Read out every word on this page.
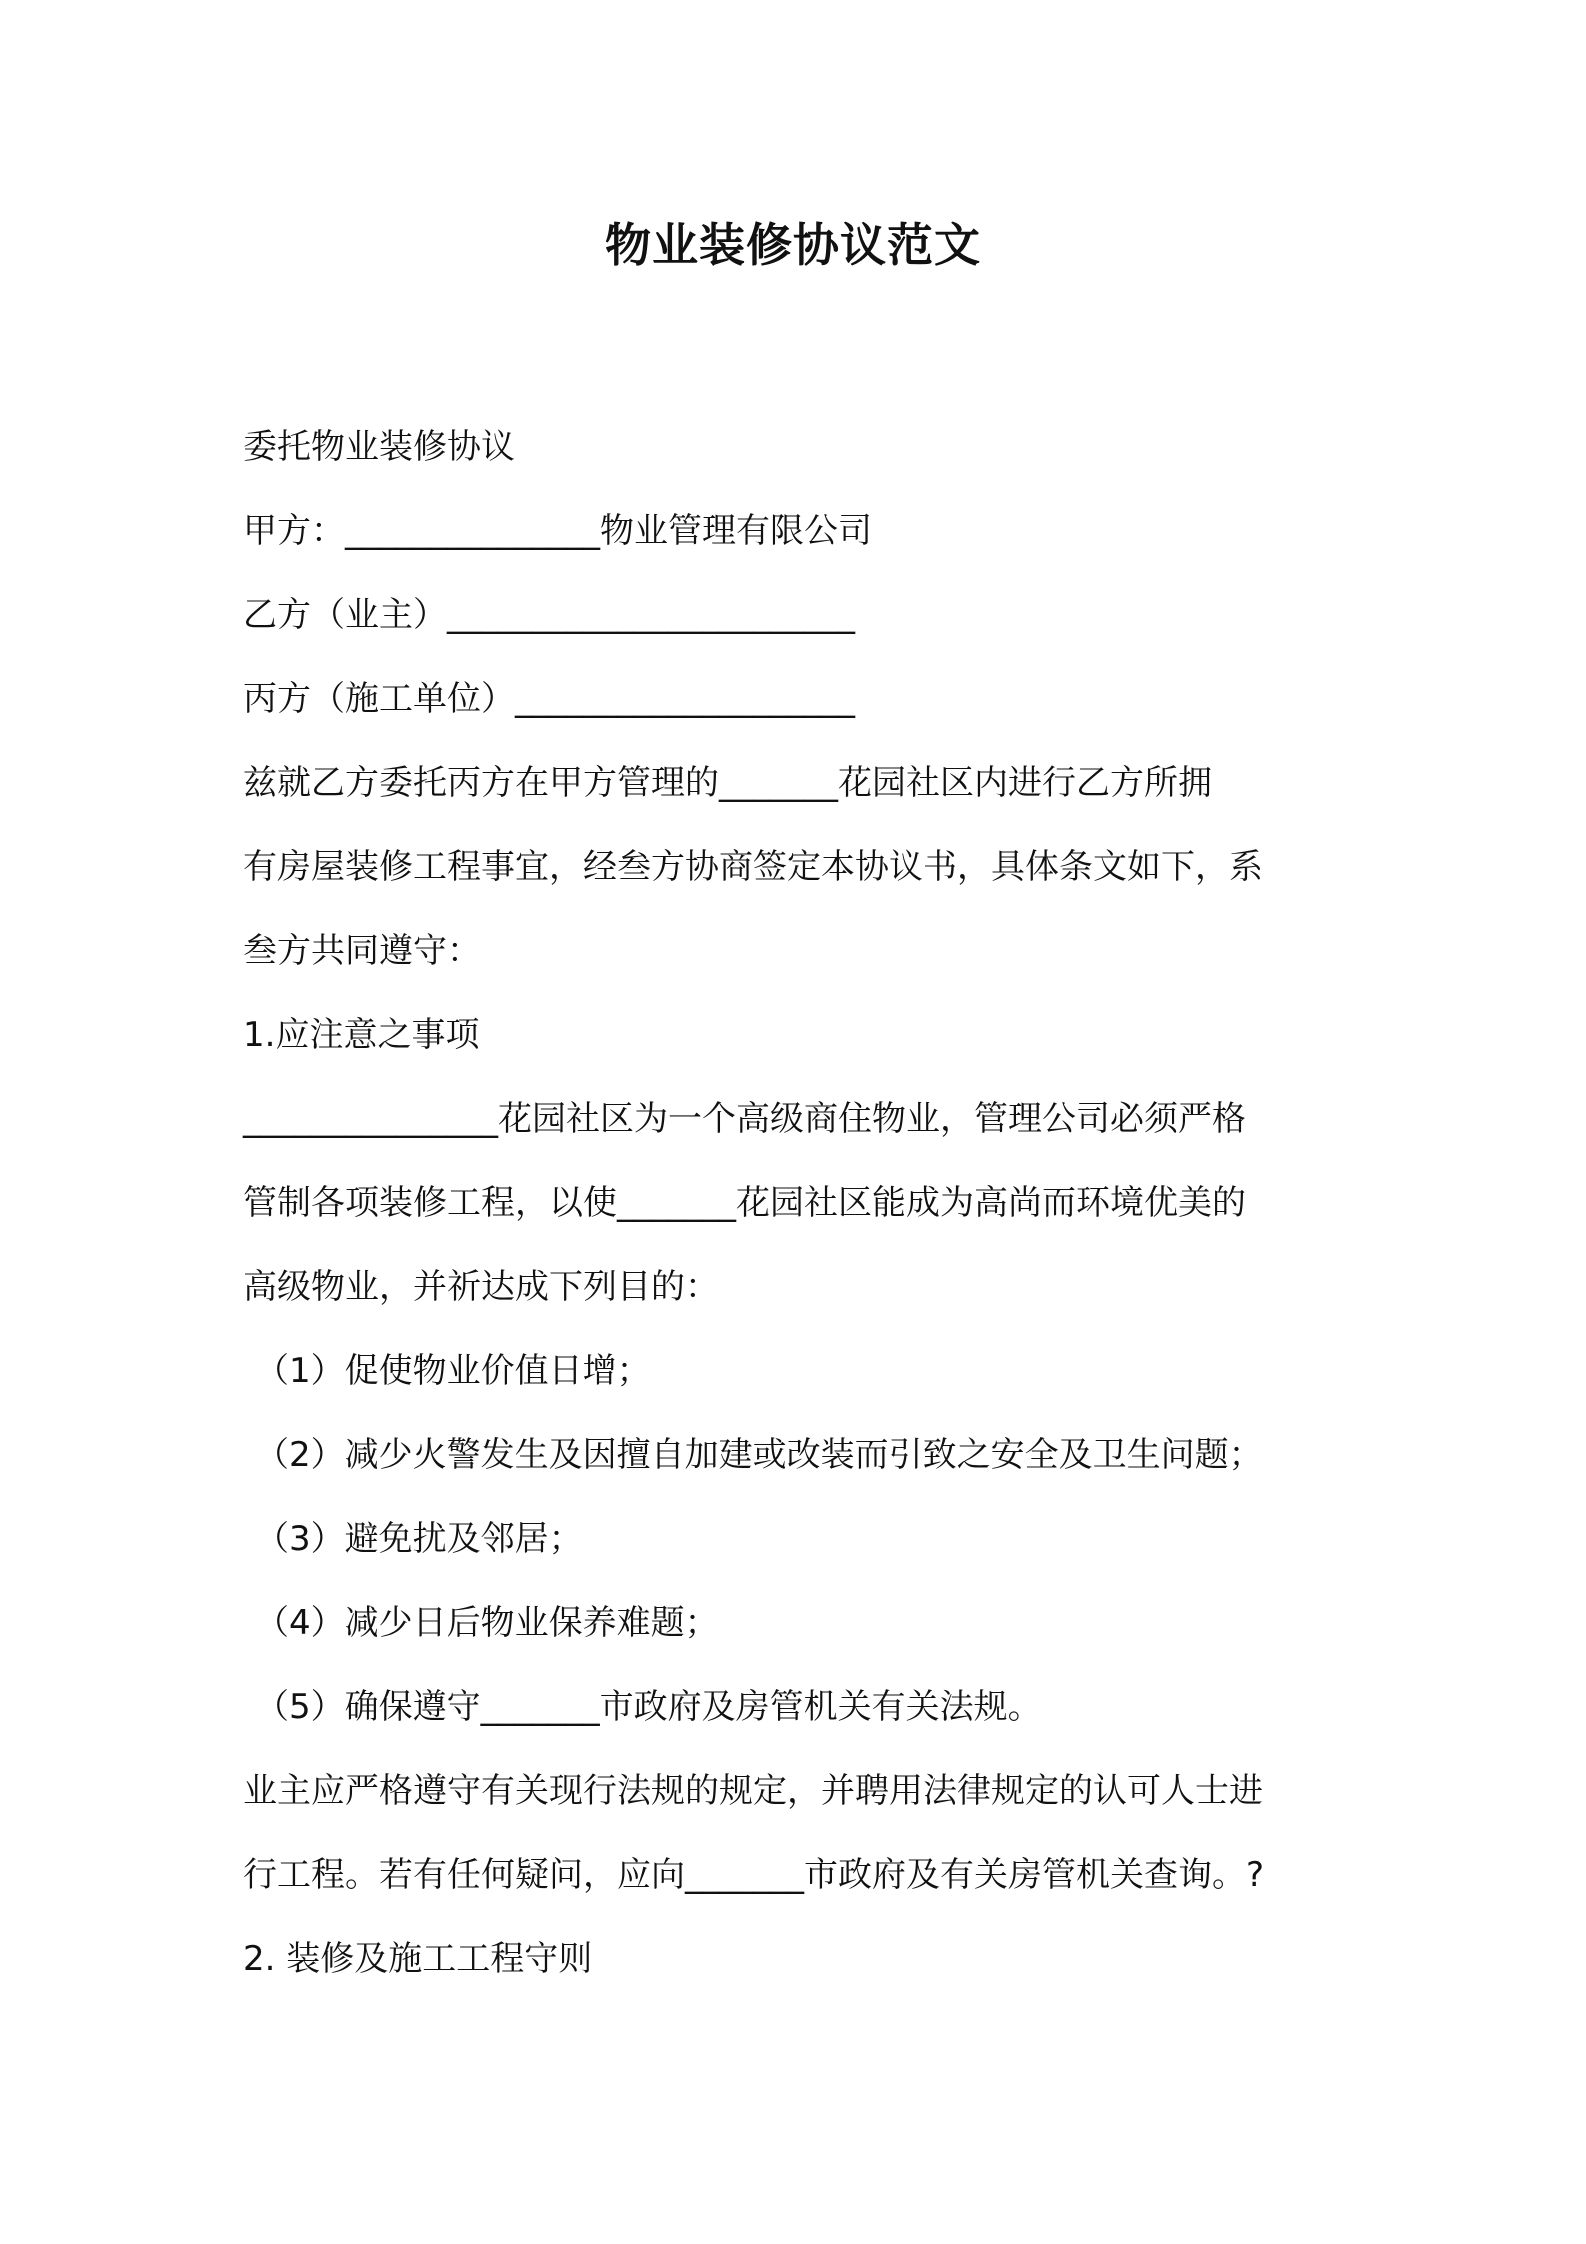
物业装修协议范文

委托物业装修协议

甲方：_______________物业管理有限公司

乙方（业主）________________________

丙方（施工单位）____________________

兹就乙方委托丙方在甲方管理的_______花园社区内进行乙方所拥

有房屋装修工程事宜，经叁方协商签定本协议书，具体条文如下，系

叁方共同遵守：

1.应注意之事项

_______________花园社区为一个高级商住物业，管理公司必须严格

管制各项装修工程，以使_______花园社区能成为高尚而环境优美的

高级物业，并祈达成下列目的：

（1）促使物业价值日增；

（2）减少火警发生及因擅自加建或改装而引致之安全及卫生问题；

（3）避免扰及邻居；

（4）减少日后物业保养难题；

（5）确保遵守_______市政府及房管机关有关法规。

业主应严格遵守有关现行法规的规定，并聘用法律规定的认可人士进

行工程。若有任何疑问，应向_______市政府及有关房管机关查询。?

2. 装修及施工工程守则
